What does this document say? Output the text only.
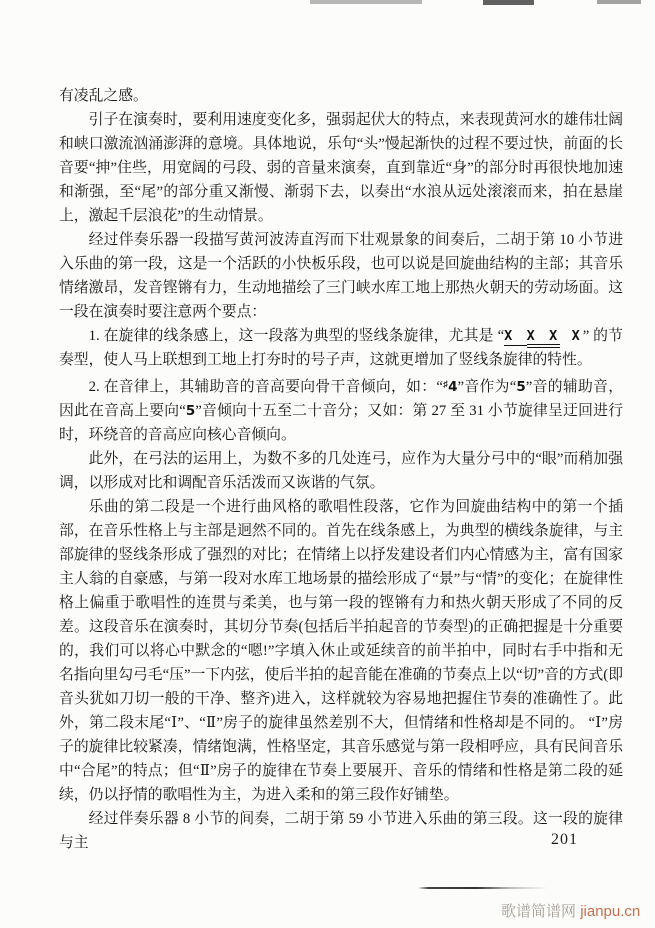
有凌乱之感。

引子在演奏时，要利用速度变化多，强弱起伏大的特点，来表现黄河水的雄伟壮阔和峡口激流汹涌澎湃的意境。具体地说，乐句“头”慢起渐快的过程不要过快，前面的长音要“抻”住些，用宽阔的弓段、弱的音量来演奏，直到靠近“身”的部分时再很快地加速和渐强，至“尾”的部分重又渐慢、渐弱下去，以奏出“水浪从远处滚滚而来，拍在悬崖上，激起千层浪花”的生动情景。

经过伴奏乐器一段描写黄河波涛直泻而下壮观景象的间奏后，二胡于第 10 小节进入乐曲的第一段，这是一个活跃的小快板乐段，也可以说是回旋曲结构的主部；其音乐情绪激昂，发音铿锵有力，生动地描绘了三门峡水库工地上那热火朝天的劳动场面。这一段在演奏时要注意两个要点：

1. 在旋律的线条感上，这一段落为典型的竖线条旋律，尤其是 “X X X X” 的节奏型，使人马上联想到工地上打夯时的号子声，这就更增加了竖线条旋律的特性。

2. 在音律上，其辅助音的音高要向骨干音倾向，如：“♯4”音作为“5”音的辅助音，因此在音高上要向“5”音倾向十五至二十音分；又如：第 27 至 31 小节旋律呈迂回进行时，环绕音的音高应向核心音倾向。

此外，在弓法的运用上，为数不多的几处连弓，应作为大量分弓中的“眼”而稍加强调，以形成对比和调配音乐活泼而又诙谐的气氛。

乐曲的第二段是一个进行曲风格的歌唱性段落，它作为回旋曲结构中的第一个插部，在音乐性格上与主部是迥然不同的。首先在线条感上，为典型的横线条旋律，与主部旋律的竖线条形成了强烈的对比；在情绪上以抒发建设者们内心情感为主，富有国家主人翁的自豪感，与第一段对水库工地场景的描绘形成了“景”与“情”的变化；在旋律性格上偏重于歌唱性的连贯与柔美，也与第一段的铿锵有力和热火朝天形成了不同的反差。这段音乐在演奏时，其切分节奏(包括后半拍起音的节奏型)的正确把握是十分重要的，我们可以将心中默念的“嗯!”字填入休止或延续音的前半拍中，同时右手中指和无名指向里勾弓毛“压”一下内弦，使后半拍的起音能在准确的节奏点上以“切”音的方式(即音头犹如刀切一般的干净、整齐)进入，这样就较为容易地把握住节奏的准确性了。此外，第二段末尾“Ⅰ”、“Ⅱ”房子的旋律虽然差别不大，但情绪和性格却是不同的。 “Ⅰ”房子的旋律比较紧凑，情绪饱满，性格坚定，其音乐感觉与第一段相呼应，具有民间音乐中“合尾”的特点；但“Ⅱ”房子的旋律在节奏上要展开、音乐的情绪和性格是第二段的延续，仍以抒情的歌唱性为主，为进入柔和的第三段作好铺垫。

经过伴奏乐器 8 小节的间奏，二胡于第 59 小节进入乐曲的第三段。这一段的旋律与主	201
歌谱简谱网 jianpu.cn
